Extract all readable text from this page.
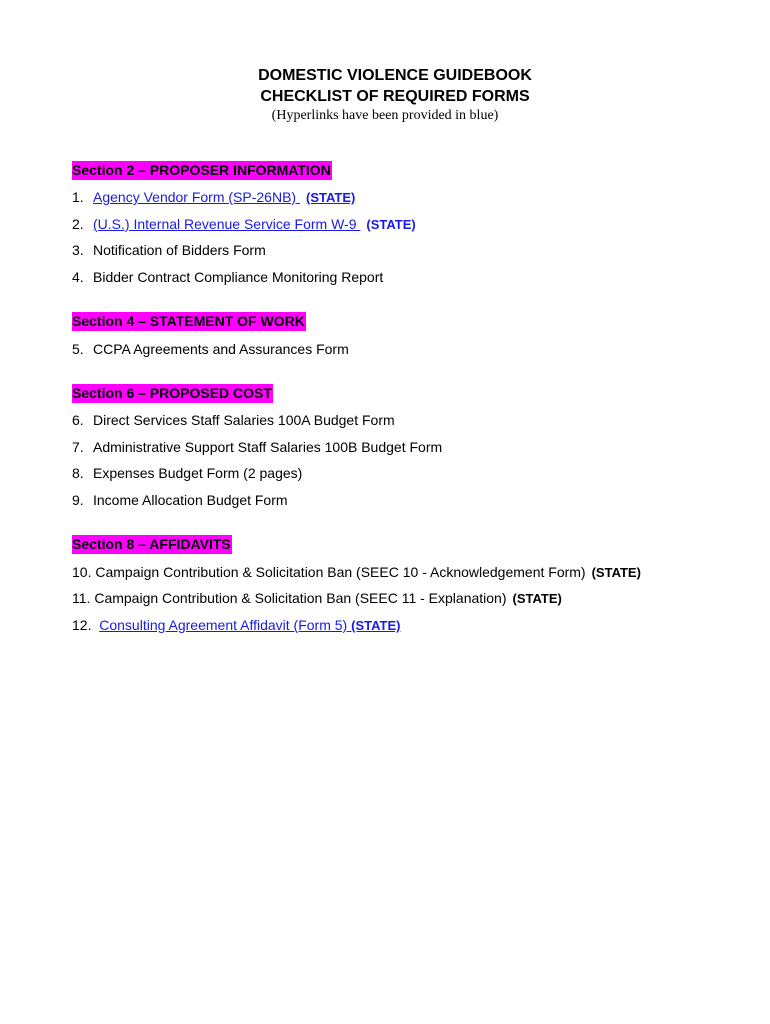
DOMESTIC VIOLENCE GUIDEBOOK
CHECKLIST OF REQUIRED FORMS
(Hyperlinks have been provided in blue)
Section 2 – PROPOSER INFORMATION
1. Agency Vendor Form (SP-26NB) (STATE)
2. (U.S.) Internal Revenue Service Form W-9 (STATE)
3. Notification of Bidders Form
4. Bidder Contract Compliance Monitoring Report
Section 4 – STATEMENT OF WORK
5. CCPA Agreements and Assurances Form
Section 6 – PROPOSED COST
6. Direct Services Staff Salaries 100A Budget Form
7. Administrative Support Staff Salaries 100B Budget Form
8. Expenses Budget Form (2 pages)
9. Income Allocation Budget Form
Section 8 – AFFIDAVITS
10. Campaign Contribution & Solicitation Ban (SEEC 10 - Acknowledgement Form) (STATE)
11. Campaign Contribution & Solicitation Ban (SEEC 11 - Explanation) (STATE)
12. Consulting Agreement Affidavit (Form 5) (STATE)
